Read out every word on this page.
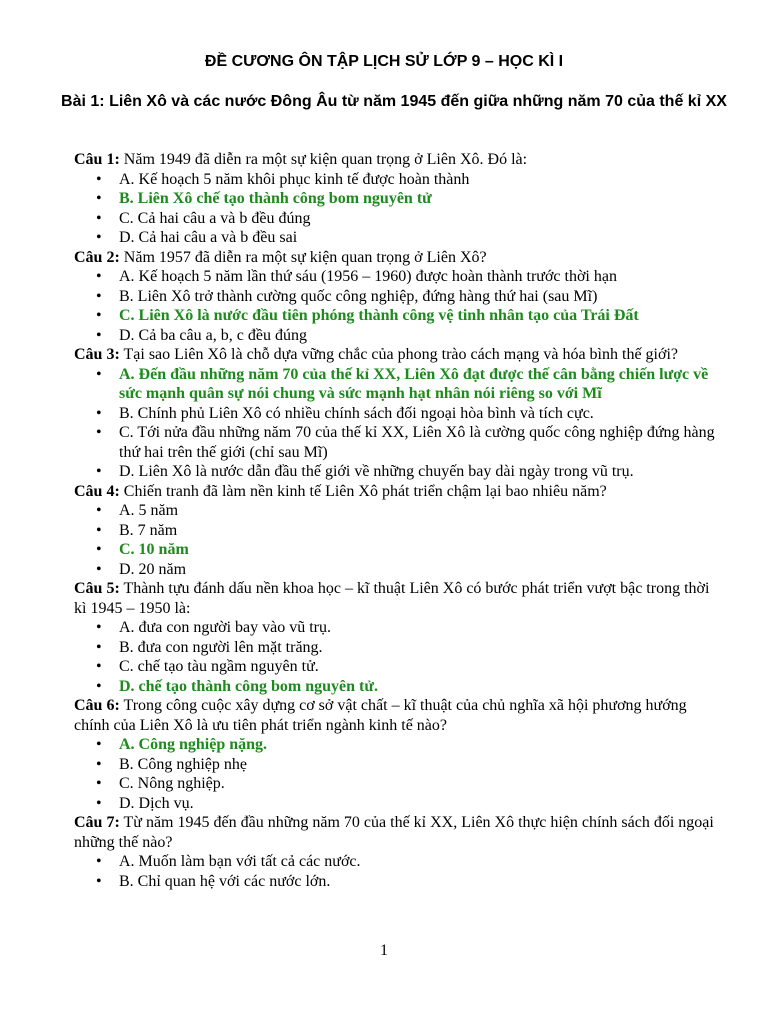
ĐỀ CƯƠNG ÔN TẬP LỊCH SỬ LỚP 9 – HỌC KÌ I
Bài 1: Liên Xô và các nước Đông Âu từ năm 1945 đến giữa những năm 70 của thế kỉ XX

Câu 1: Năm 1949 đã diễn ra một sự kiện quan trọng ở Liên Xô. Đó là:

• A. Kế hoạch 5 năm khôi phục kinh tế được hoàn thành
• B. Liên Xô chế tạo thành công bom nguyên tử
• C. Cả hai câu a và b đều đúng
• D. Cả hai câu a và b đều sai

Câu 2: Năm 1957 đã diễn ra một sự kiện quan trọng ở Liên Xô?

• A. Kế hoạch 5 năm lần thứ sáu (1956 – 1960) được hoàn thành trước thời hạn
• B. Liên Xô trở thành cường quốc công nghiệp, đứng hàng thứ hai (sau Mĩ)
• C. Liên Xô là nước đầu tiên phóng thành công vệ tinh nhân tạo của Trái Đất
• D. Cả ba câu a, b, c đều đúng

Câu 3: Tại sao Liên Xô là chỗ dựa vững chắc của phong trào cách mạng và hóa bình thế giới?

• A. Đến đầu những năm 70 của thế kỉ XX, Liên Xô đạt được thế cân bằng chiến lược về sức mạnh quân sự nói chung và sức mạnh hạt nhân nói riêng so với Mĩ
• B. Chính phủ Liên Xô có nhiều chính sách đối ngoại hòa bình và tích cực.
• C. Tới nửa đầu những năm 70 của thế kỉ XX, Liên Xô là cường quốc công nghiệp đứng hàng thứ hai trên thế giới (chỉ sau Mĩ)
• D. Liên Xô là nước dẫn đầu thế giới về những chuyến bay dài ngày trong vũ trụ.

Câu 4: Chiến tranh đã làm nền kinh tế Liên Xô phát triển chậm lại bao nhiêu năm?

• A. 5 năm
• B. 7 năm
• C. 10 năm
• D. 20 năm

Câu 5: Thành tựu đánh dấu nền khoa học – kĩ thuật Liên Xô có bước phát triển vượt bậc trong thời kì 1945 – 1950 là:

• A. đưa con người bay vào vũ trụ.
• B. đưa con người lên mặt trăng.
• C. chế tạo tàu ngầm nguyên tử.
• D. chế tạo thành công bom nguyên tử.

Câu 6: Trong công cuộc xây dựng cơ sở vật chất – kĩ thuật của chủ nghĩa xã hội phương hướng chính của Liên Xô là ưu tiên phát triển ngành kinh tế nào?

• A. Công nghiệp nặng.
• B. Công nghiệp nhẹ
• C. Nông nghiệp.
• D. Dịch vụ.

Câu 7: Từ năm 1945 đến đầu những năm 70 của thế kỉ XX, Liên Xô thực hiện chính sách đối ngoại những thế nào?

• A. Muốn làm bạn với tất cả các nước.
• B. Chỉ quan hệ với các nước lớn.
1
